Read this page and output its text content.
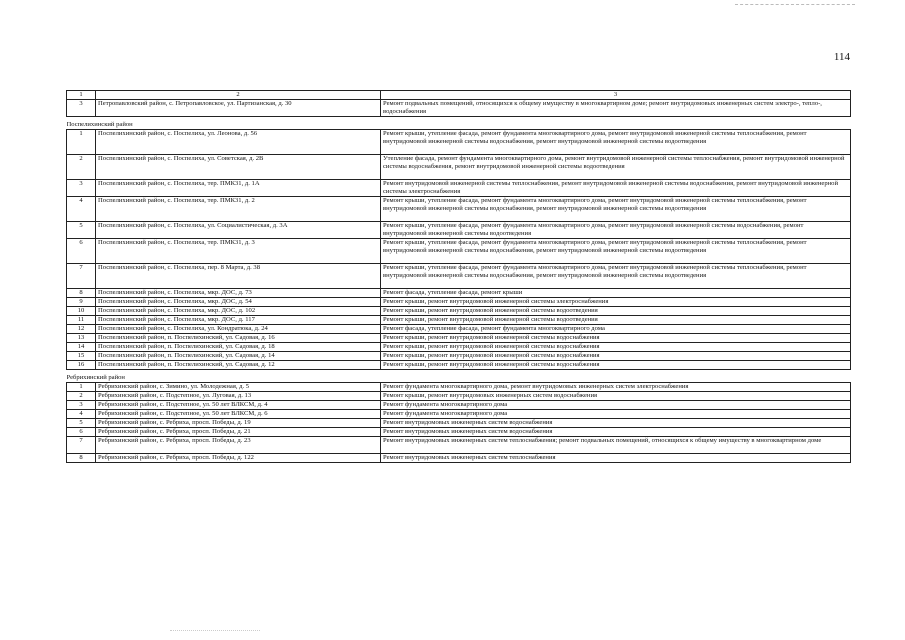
114
1	2	3
3	Петропавловский район, с. Петропавловское, ул. Партизанская, д. 30	Ремонт подвальных помещений, относящихся к общему имуществу в многоквартирном доме; ремонт внутридомовых инженерных систем электро-, тепло-, водоснабжения
Поспелихинский район		
1	Поспелихинский район, с. Поспелиха, ул. Леонова, д. 56	Ремонт крыши, утепление фасада, ремонт фундамента многоквартирного дома, ремонт внутридомовой инженерной системы теплоснабжения, ремонт внутридомовой инженерной системы водоснабжения, ремонт внутридомовой инженерной системы водоотведения
2	Поспелихинский район, с. Поспелиха, ул. Советская, д. 2В	Утепление фасада, ремонт фундамента многоквартирного дома, ремонт внутридомовой инженерной системы теплоснабжения, ремонт внутридомовой инженерной системы водоснабжения, ремонт внутридомовой инженерной системы водоотведения
3	Поспелихинский район, с. Поспелиха, тер. ПМК31, д. 1А	Ремонт внутридомовой инженерной системы теплоснабжения, ремонт внутридомовой инженерной системы водоснабжения, ремонт внутридомовой инженерной системы электроснабжения
4	Поспелихинский район, с. Поспелиха, тер. ПМК31, д. 2	Ремонт крыши, утепление фасада, ремонт фундамента многоквартирного дома, ремонт внутридомовой инженерной системы теплоснабжения, ремонт внутридомовой инженерной системы водоснабжения, ремонт внутридомовой инженерной системы водоотведения
5	Поспелихинский район, с. Поспелиха, ул. Социалистическая, д. 3А	Ремонт крыши, утепление фасада, ремонт фундамента многоквартирного дома, ремонт внутридомовой инженерной системы водоснабжения, ремонт внутридомовой инженерной системы водоотведения
6	Поспелихинский район, с. Поспелиха, тер. ПМК31, д. 3	Ремонт крыши, утепление фасада, ремонт фундамента многоквартирного дома, ремонт внутридомовой инженерной системы теплоснабжения, ремонт внутридомовой инженерной системы водоснабжения, ремонт внутридомовой инженерной системы водоотведения
7	Поспелихинский район, с. Поспелиха, пер. 8 Марта, д. 38	Ремонт крыши, утепление фасада, ремонт фундамента многоквартирного дома, ремонт внутридомовой инженерной системы теплоснабжения, ремонт внутридомовой инженерной системы водоснабжения, ремонт внутридомовой инженерной системы водоотведения
8	Поспелихинский район, с. Поспелиха, мкр. ДОС, д. 73	Ремонт фасада, утепление фасада, ремонт крыши
9	Поспелихинский район, с. Поспелиха, мкр. ДОС, д. 54	Ремонт крыши, ремонт внутридомовой инженерной системы электроснабжения
10	Поспелихинский район, с. Поспелиха, мкр. ДОС, д. 102	Ремонт крыши, ремонт внутридомовой инженерной системы водоотведения
11	Поспелихинский район, с. Поспелиха, мкр. ДОС, д. 117	Ремонт крыши, ремонт внутридомовой инженерной системы водоотведения
12	Поспелихинский район, с. Поспелиха, ул. Кондратюка, д. 24	Ремонт фасада, утепление фасада, ремонт фундамента многоквартирного дома
13	Поспелихинский район, п. Поспелихинский, ул. Садовая, д. 16	Ремонт крыши, ремонт внутридомовой инженерной системы водоснабжения
14	Поспелихинский район, п. Поспелихинский, ул. Садовая, д. 18	Ремонт крыши, ремонт внутридомовой инженерной системы водоснабжения
15	Поспелихинский район, п. Поспелихинский, ул. Садовая, д. 14	Ремонт крыши, ремонт внутридомовой инженерной системы водоснабжения
16	Поспелихинский район, п. Поспелихинский, ул. Садовая, д. 12	Ремонт крыши, ремонт внутридомовой инженерной системы водоснабжения
Ребрихинский район		
1	Ребрихинский район, с. Зимино, ул. Молодежная, д. 5	Ремонт фундамента многоквартирного дома, ремонт внутридомовых инженерных систем электроснабжения
2	Ребрихинский район, с. Подстепное, ул. Луговая, д. 13	Ремонт крыши, ремонт внутридомовых инженерных систем водоснабжения
3	Ребрихинский район, с. Подстепное, ул. 50 лет ВЛКСМ, д. 4	Ремонт фундамента многоквартирного дома
4	Ребрихинский район, с. Подстепное, ул. 50 лет ВЛКСМ, д. 6	Ремонт фундамента многоквартирного дома
5	Ребрихинский район, с. Ребриха, просп. Победы, д. 19	Ремонт внутридомовых инженерных систем водоснабжения
6	Ребрихинский район, с. Ребриха, просп. Победы, д. 21	Ремонт внутридомовых инженерных систем водоснабжения
7	Ребрихинский район, с. Ребриха, просп. Победы, д. 23	Ремонт внутридомовых инженерных систем теплоснабжения; ремонт подвальных помещений, относящихся к общему имуществу в многоквартирном доме
8	Ребрихинский район, с. Ребриха, просп. Победы, д. 122	Ремонт внутридомовых инженерных систем теплоснабжения
